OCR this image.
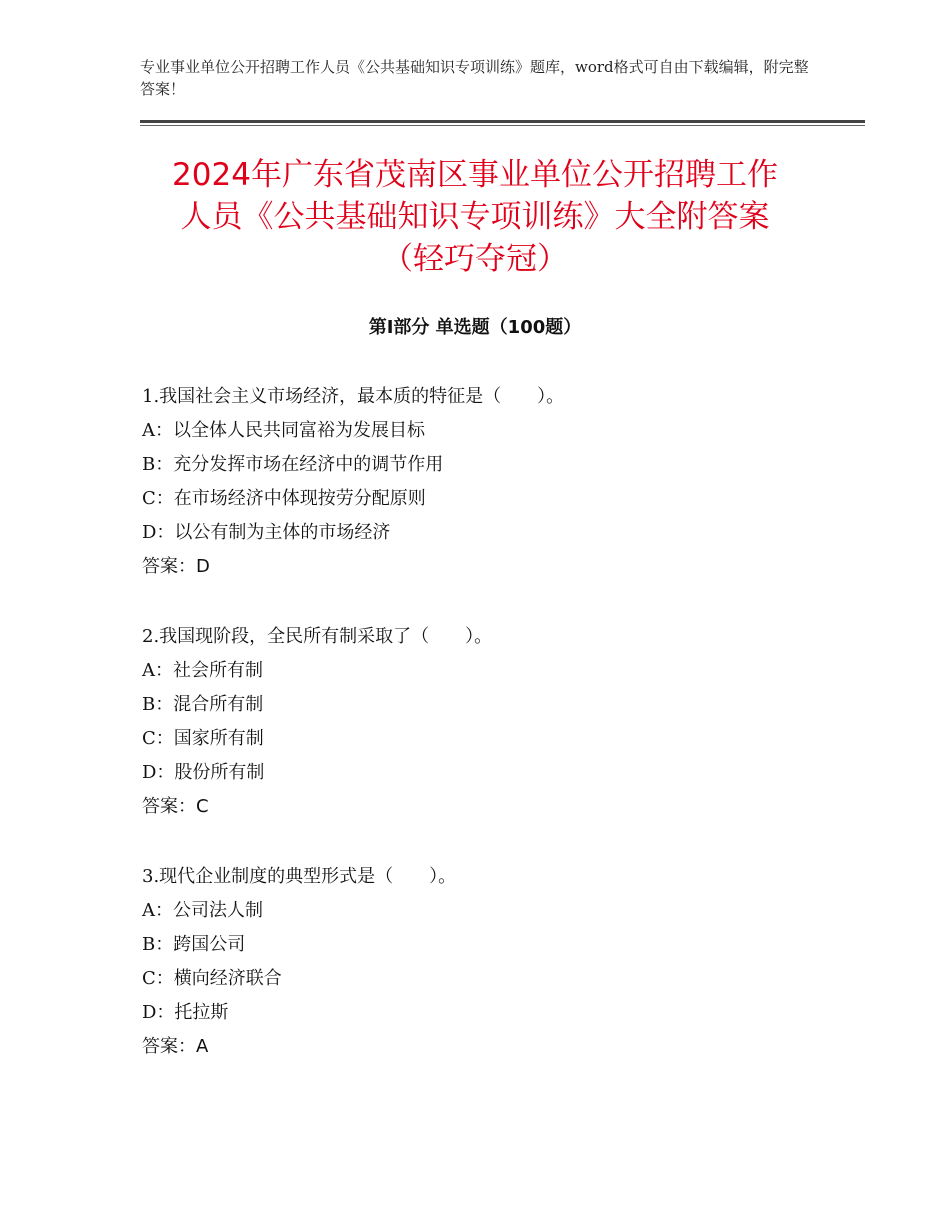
专业事业单位公开招聘工作人员《公共基础知识专项训练》题库，word格式可自由下载编辑，附完整答案！
2024年广东省茂南区事业单位公开招聘工作
人员《公共基础知识专项训练》大全附答案
（轻巧夺冠）
第Ⅰ部分 单选题（100题）
1.我国社会主义市场经济，最本质的特征是（　　）。
A：以全体人民共同富裕为发展目标
B：充分发挥市场在经济中的调节作用
C：在市场经济中体现按劳分配原则
D：以公有制为主体的市场经济
答案：D
2.我国现阶段，全民所有制采取了（　　）。
A：社会所有制
B：混合所有制
C：国家所有制
D：股份所有制
答案：C
3.现代企业制度的典型形式是（　　）。
A：公司法人制
B：跨国公司
C：横向经济联合
D：托拉斯
答案：A
